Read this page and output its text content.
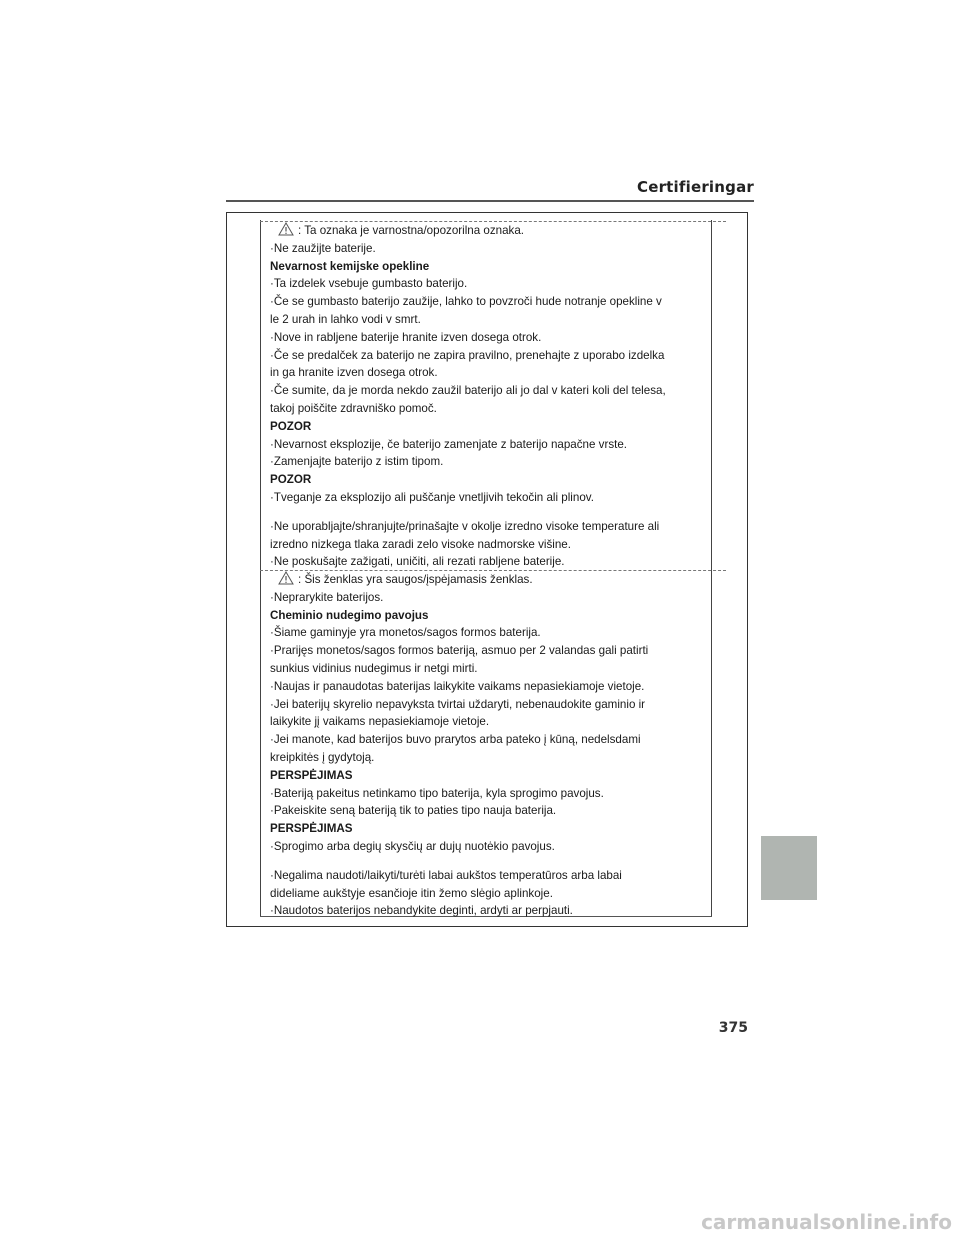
Certifieringar

: Ta oznaka je varnostna/opozorilna oznaka.

·Ne zaužijte baterije.

Nevarnost kemijske opekline

·Ta izdelek vsebuje gumbasto baterijo.

·Če se gumbasto baterijo zaužije, lahko to povzroči hude notranje opekline v

le 2 urah in lahko vodi v smrt.

·Nove in rabljene baterije hranite izven dosega otrok.

·Če se predalček za baterijo ne zapira pravilno, prenehajte z uporabo izdelka

in ga hranite izven dosega otrok.

·Če sumite, da je morda nekdo zaužil baterijo ali jo dal v kateri koli del telesa,

takoj poiščite zdravniško pomoč.

POZOR

·Nevarnost eksplozije, če baterijo zamenjate z baterijo napačne vrste.

·Zamenjajte baterijo z istim tipom.

POZOR

·Tveganje za eksplozijo ali puščanje vnetljivih tekočin ali plinov.

·Ne uporabljajte/shranjujte/prinašajte v okolje izredno visoke temperature ali

izredno nizkega tlaka zaradi zelo visoke nadmorske višine.

·Ne poskušajte zažigati, uničiti, ali rezati rabljene baterije.

: Šis ženklas yra saugos/įspėjamasis ženklas.

·Neprarykite baterijos.

Cheminio nudegimo pavojus

·Šiame gaminyje yra monetos/sagos formos baterija.

·Prarijęs monetos/sagos formos bateriją, asmuo per 2 valandas gali patirti

sunkius vidinius nudegimus ir netgi mirti.

·Naujas ir panaudotas baterijas laikykite vaikams nepasiekiamoje vietoje.

·Jei baterijų skyrelio nepavyksta tvirtai uždaryti, nebenaudokite gaminio ir

laikykite jį vaikams nepasiekiamoje vietoje.

·Jei manote, kad baterijos buvo prarytos arba pateko į kūną, nedelsdami

kreipkitės į gydytoją.

PERSPĖJIMAS

·Bateriją pakeitus netinkamo tipo baterija, kyla sprogimo pavojus.

·Pakeiskite seną bateriją tik to paties tipo nauja baterija.

PERSPĖJIMAS

·Sprogimo arba degių skysčių ar dujų nuotėkio pavojus.

·Negalima naudoti/laikyti/turėti labai aukštos temperatūros arba labai

dideliame aukštyje esančioje itin žemo slėgio aplinkoje.

·Naudotos baterijos nebandykite deginti, ardyti ar perpjauti.

375
carmanualsonline.info
